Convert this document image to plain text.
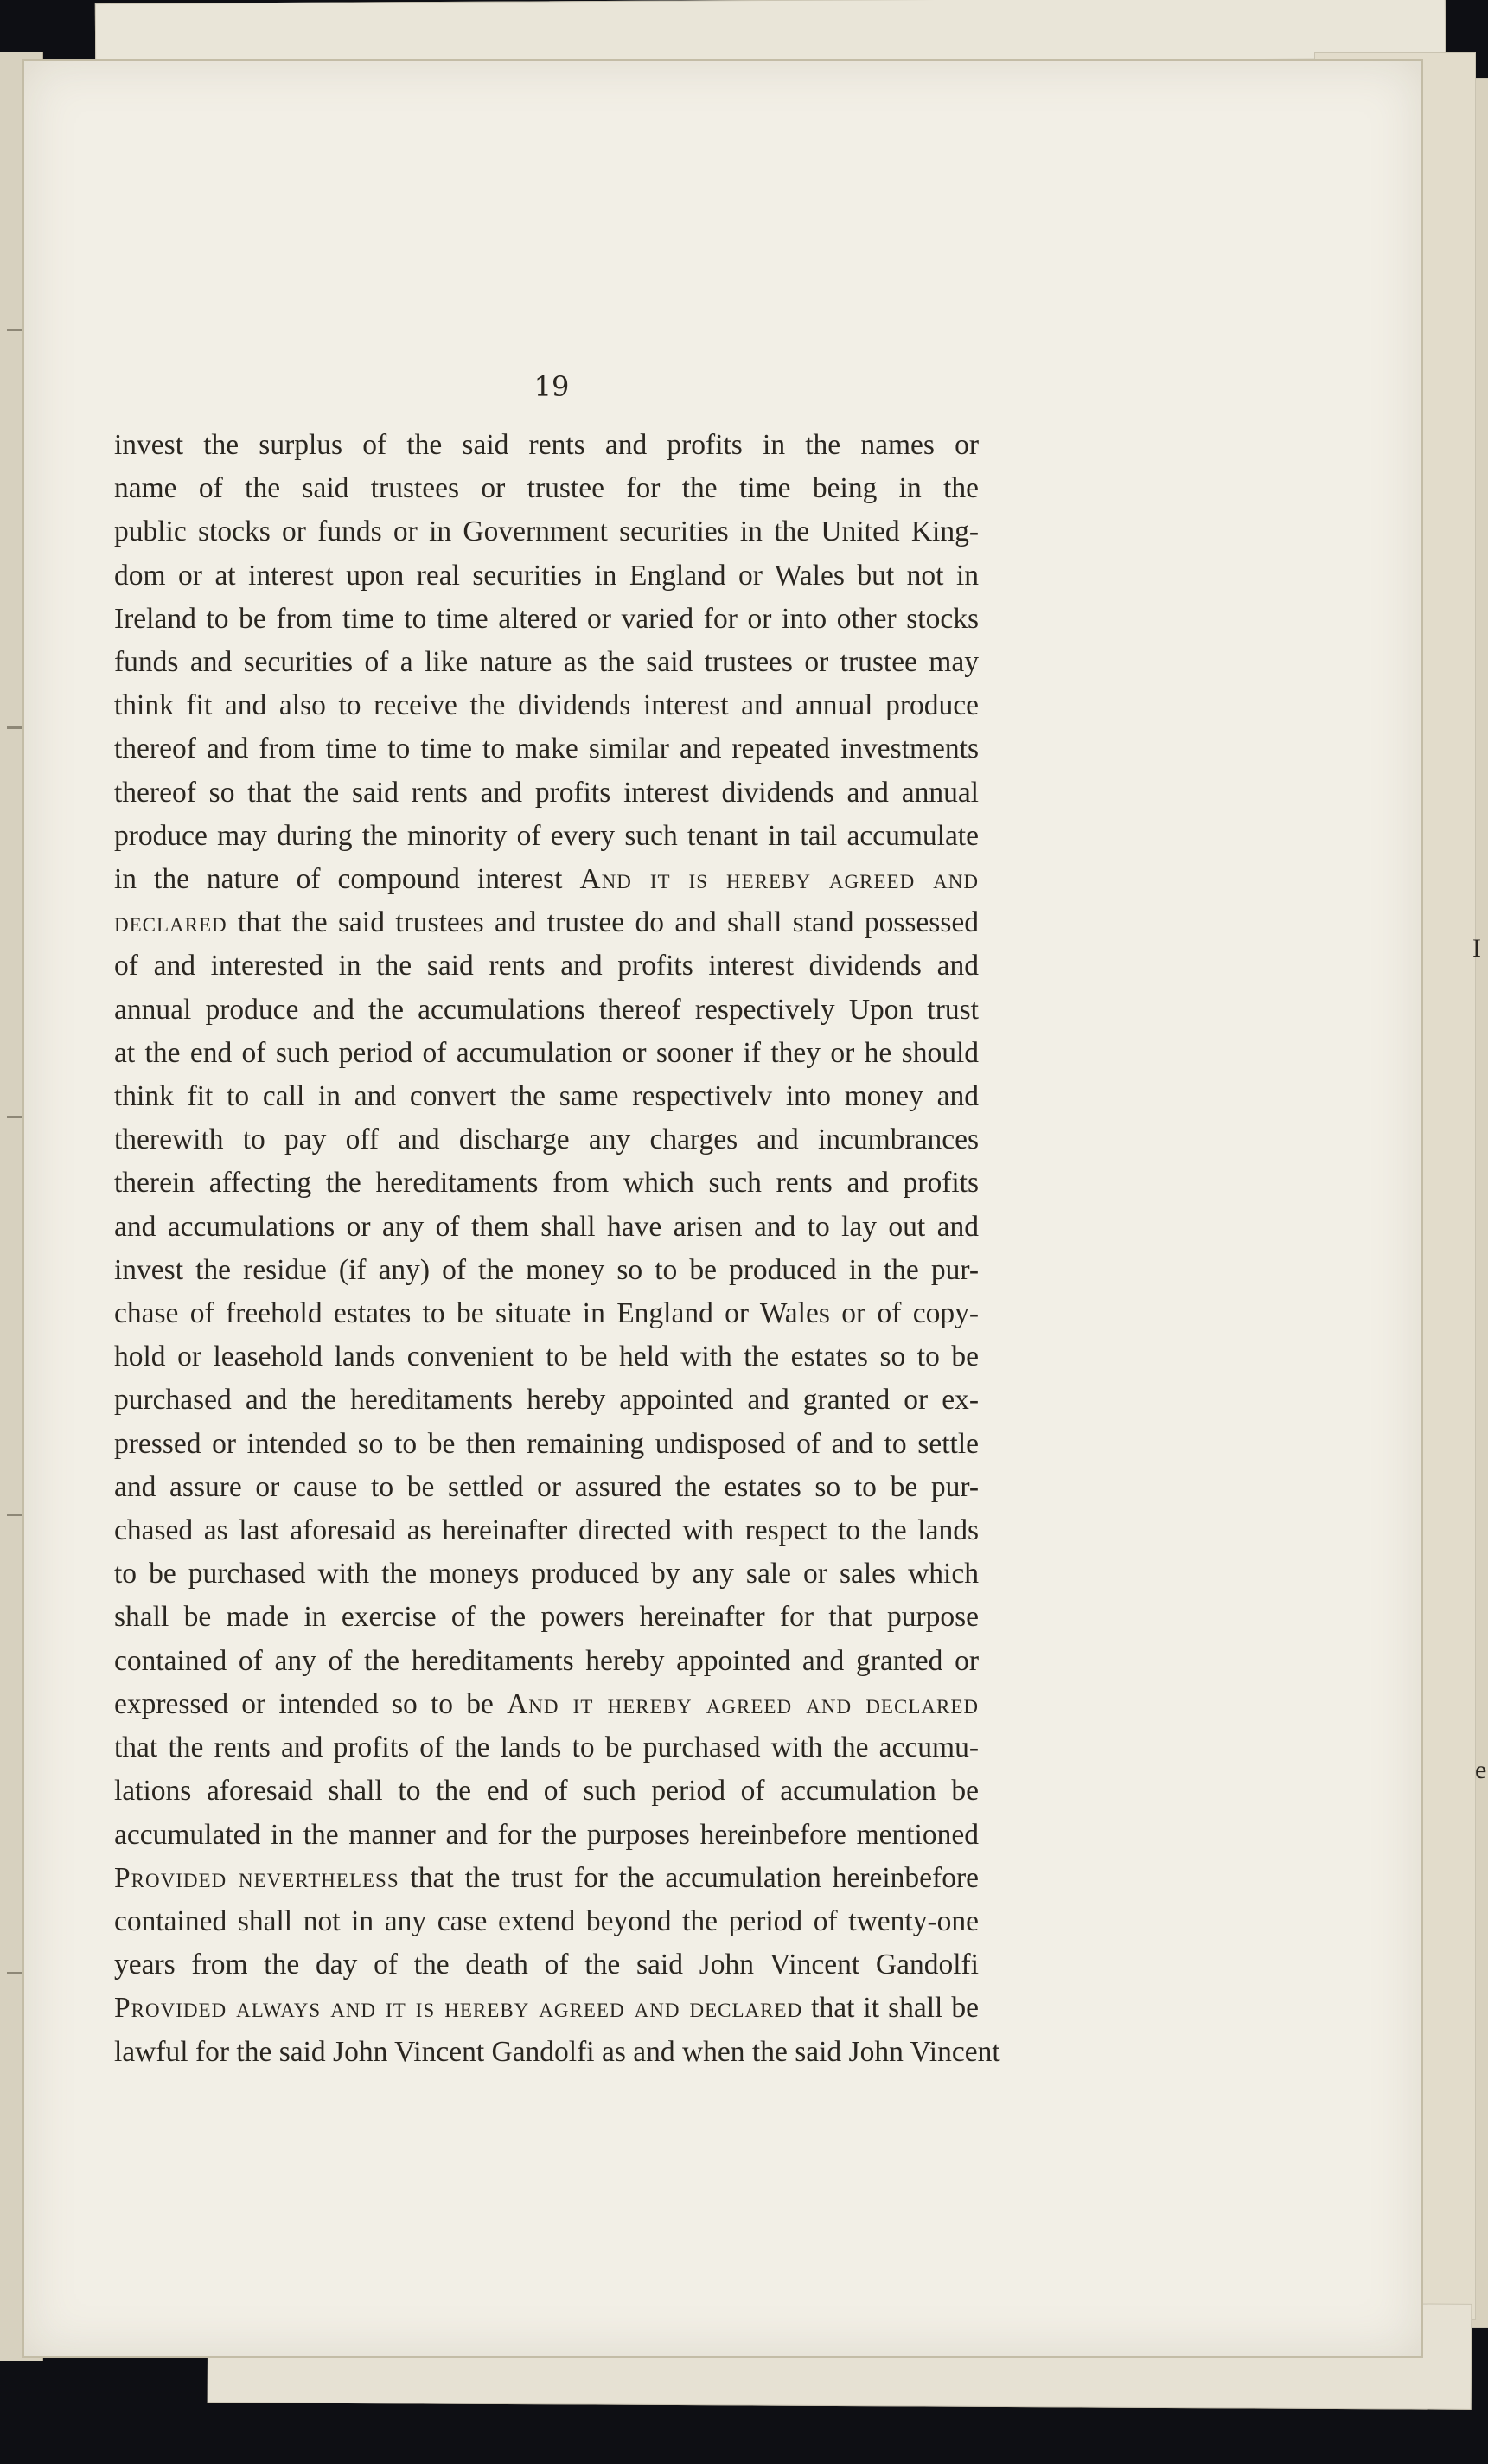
I
e
19
invest the surplus of the said rents and profits in the names or
name of the said trustees or trustee for the time being in the
public stocks or funds or in Government securities in the United King-
dom or at interest upon real securities in England or Wales but not in
Ireland to be from time to time altered or varied for or into other stocks
funds and securities of a like nature as the said trustees or trustee may
think fit and also to receive the dividends interest and annual produce
thereof and from time to time to make similar and repeated investments
thereof so that the said rents and profits interest dividends and annual
produce may during the minority of every such tenant in tail accumulate
in the nature of compound interest And it is hereby agreed and
declared that the said trustees and trustee do and shall stand possessed
of and interested in the said rents and profits interest dividends and
annual produce and the accumulations thereof respectively Upon trust
at the end of such period of accumulation or sooner if they or he should
think fit to call in and convert the same respectivelv into money and
therewith to pay off and discharge any charges and incumbrances
therein affecting the hereditaments from which such rents and profits
and accumulations or any of them shall have arisen and to lay out and
invest the residue (if any) of the money so to be produced in the pur-
chase of freehold estates to be situate in England or Wales or of copy-
hold or leasehold lands convenient to be held with the estates so to be
purchased and the hereditaments hereby appointed and granted or ex-
pressed or intended so to be then remaining undisposed of and to settle
and assure or cause to be settled or assured the estates so to be pur-
chased as last aforesaid as hereinafter directed with respect to the lands
to be purchased with the moneys produced by any sale or sales which
shall be made in exercise of the powers hereinafter for that purpose
contained of any of the hereditaments hereby appointed and granted or
expressed or intended so to be And it hereby agreed and declared
that the rents and profits of the lands to be purchased with the accumu-
lations aforesaid shall to the end of such period of accumulation be
accumulated in the manner and for the purposes hereinbefore mentioned
Provided nevertheless that the trust for the accumulation hereinbefore
contained shall not in any case extend beyond the period of twenty-one
years from the day of the death of the said John Vincent Gandolfi
Provided always and it is hereby agreed and declared that it shall be
lawful for the said John Vincent Gandolfi as and when the said John Vincent
